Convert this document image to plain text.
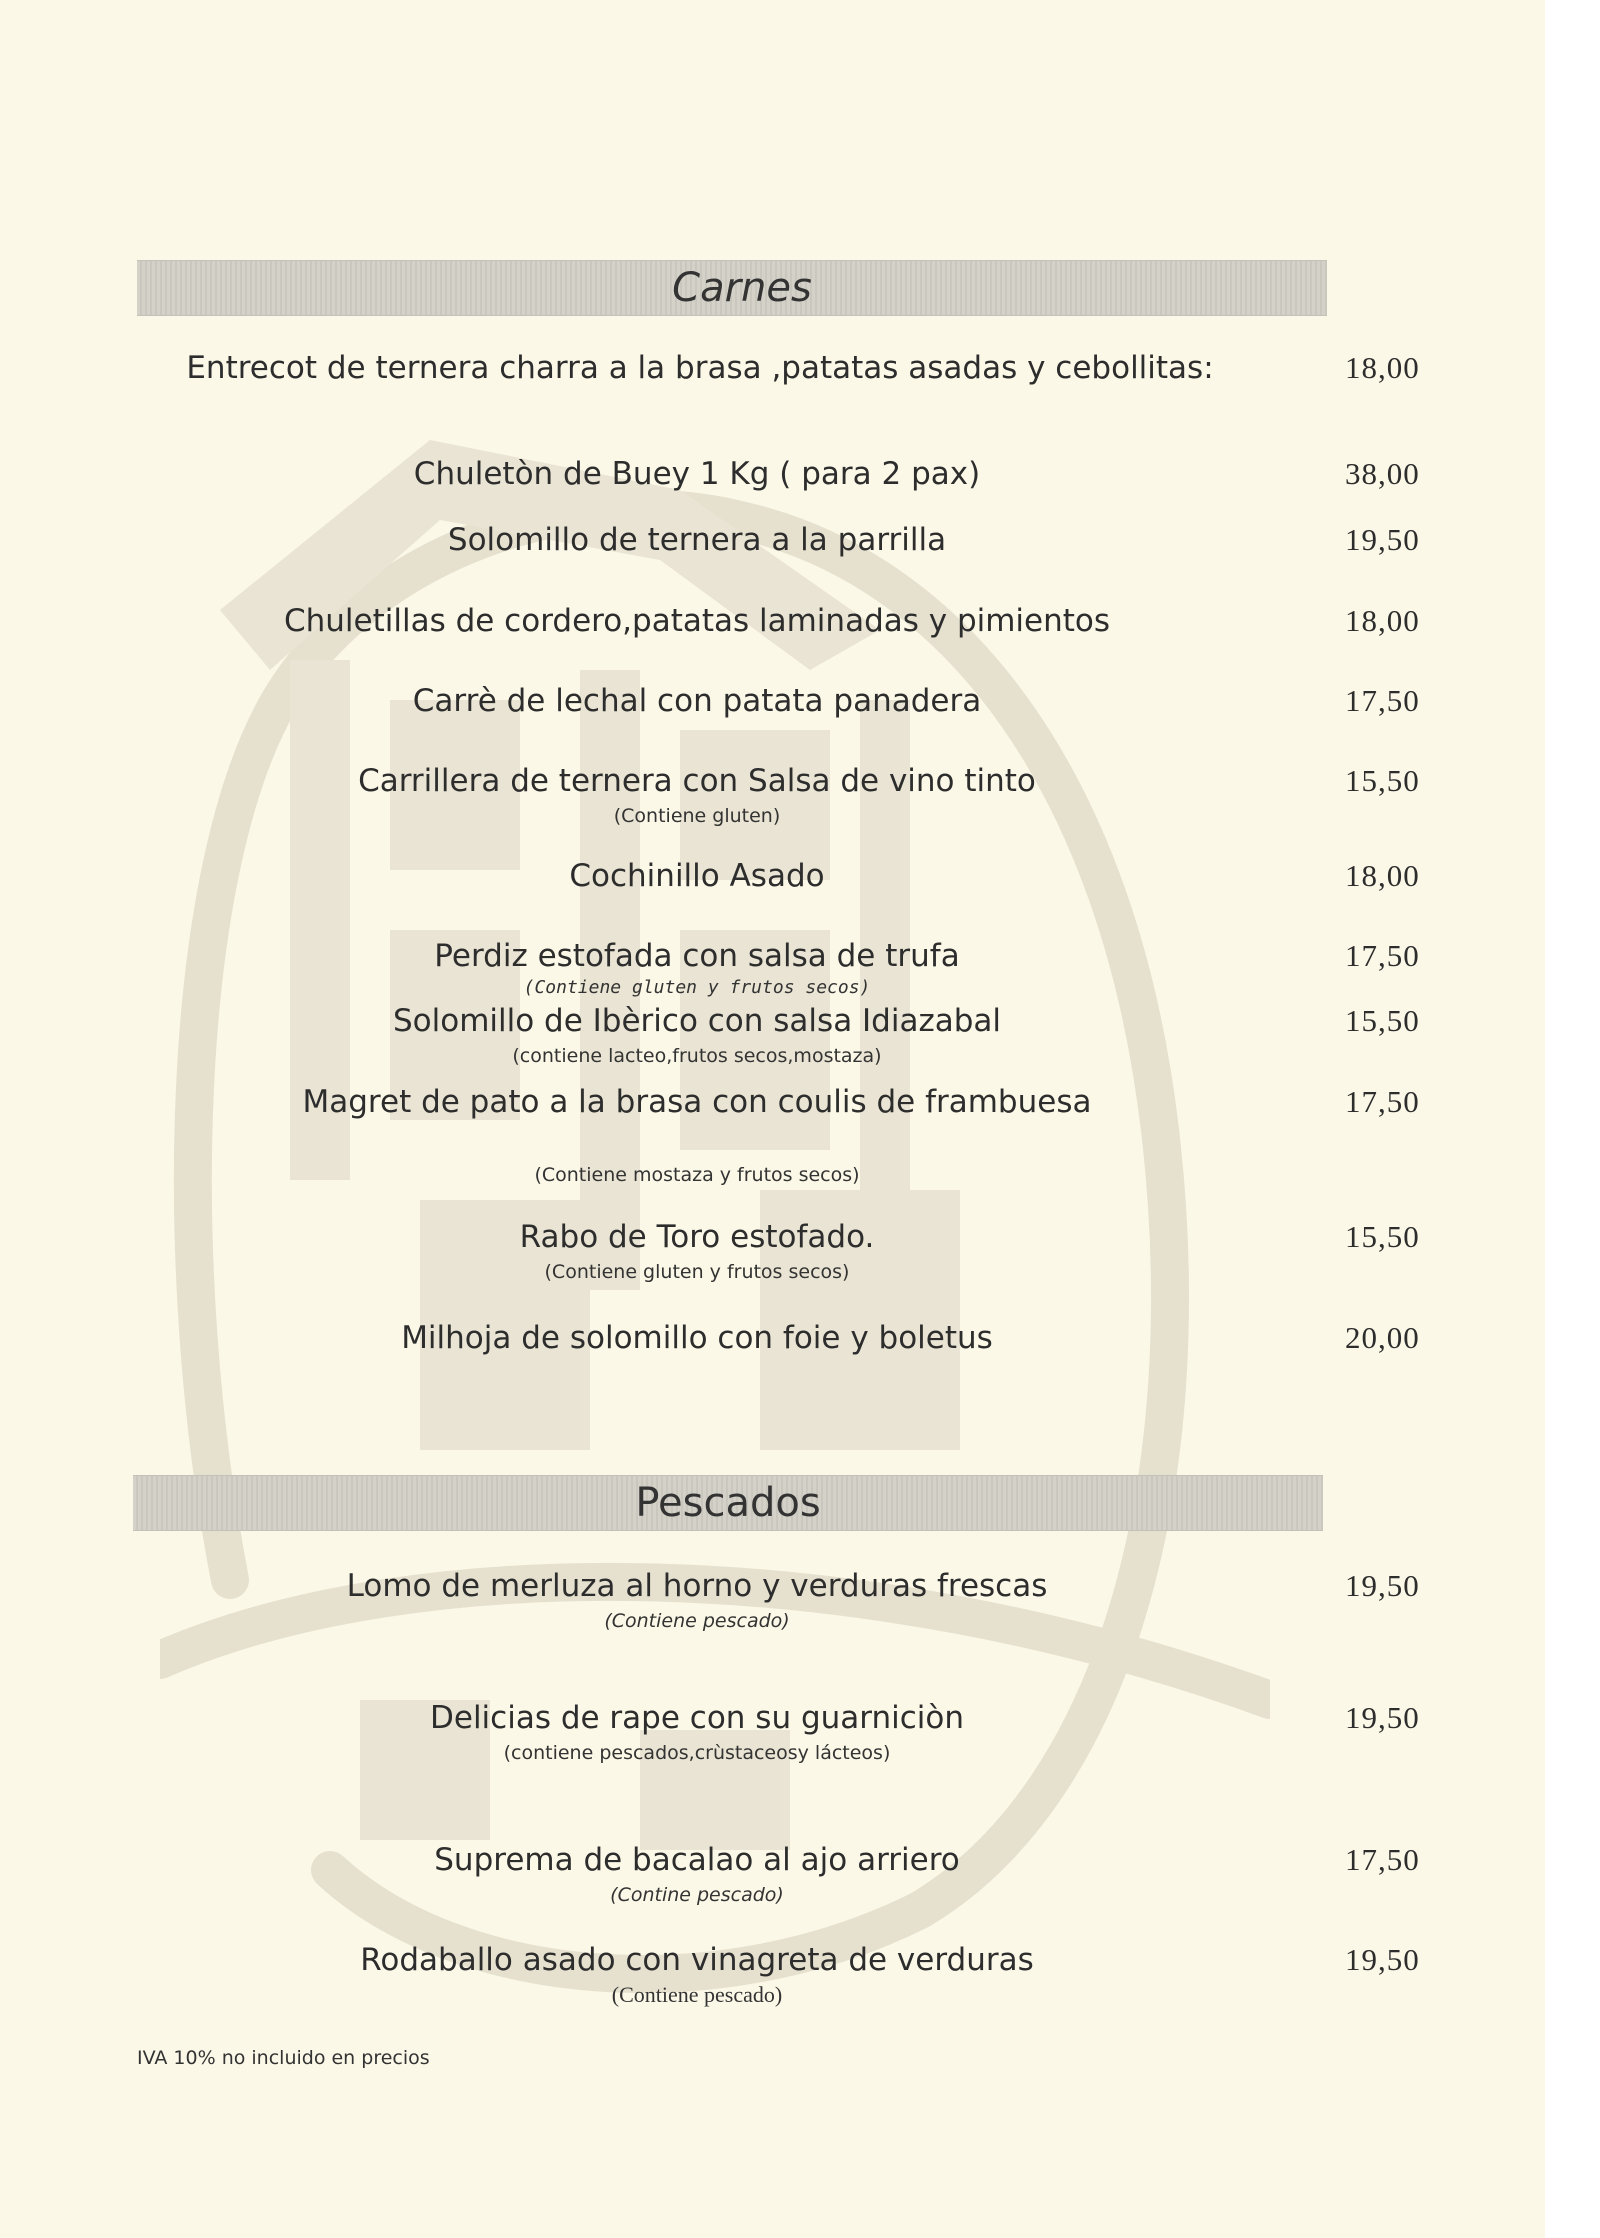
Carnes
Entrecot de ternera charra a la brasa ,patatas asadas y cebollitas:	18,00
Chuletòn de Buey 1 Kg ( para 2 pax)	38,00
Solomillo de ternera a la parrilla	19,50
Chuletillas de cordero,patatas laminadas y pimientos	18,00
Carrè de lechal con patata panadera	17,50
Carrillera de ternera con Salsa de vino tinto	15,50
(Contiene gluten)
Cochinillo Asado	18,00
Perdiz estofada con salsa de trufa	17,50
(Contiene gluten y frutos secos)
Solomillo de Ibèrico con salsa Idiazabal	15,50
(contiene lacteo,frutos secos,mostaza)
Magret de pato a la brasa con coulis de frambuesa	17,50
(Contiene mostaza y frutos secos)
Rabo de Toro estofado.	15,50
(Contiene gluten y frutos secos)
Milhoja de solomillo con foie y boletus	20,00
Pescados
Lomo de merluza al horno y verduras frescas	19,50
(Contiene pescado)
Delicias de rape con su guarniciòn	19,50
(contiene pescados,crùstaceosy lácteos)
Suprema de bacalao al ajo arriero	17,50
(Contine pescado)
Rodaballo asado con vinagreta de verduras	19,50
(Contiene pescado)
IVA 10% no incluido en precios
